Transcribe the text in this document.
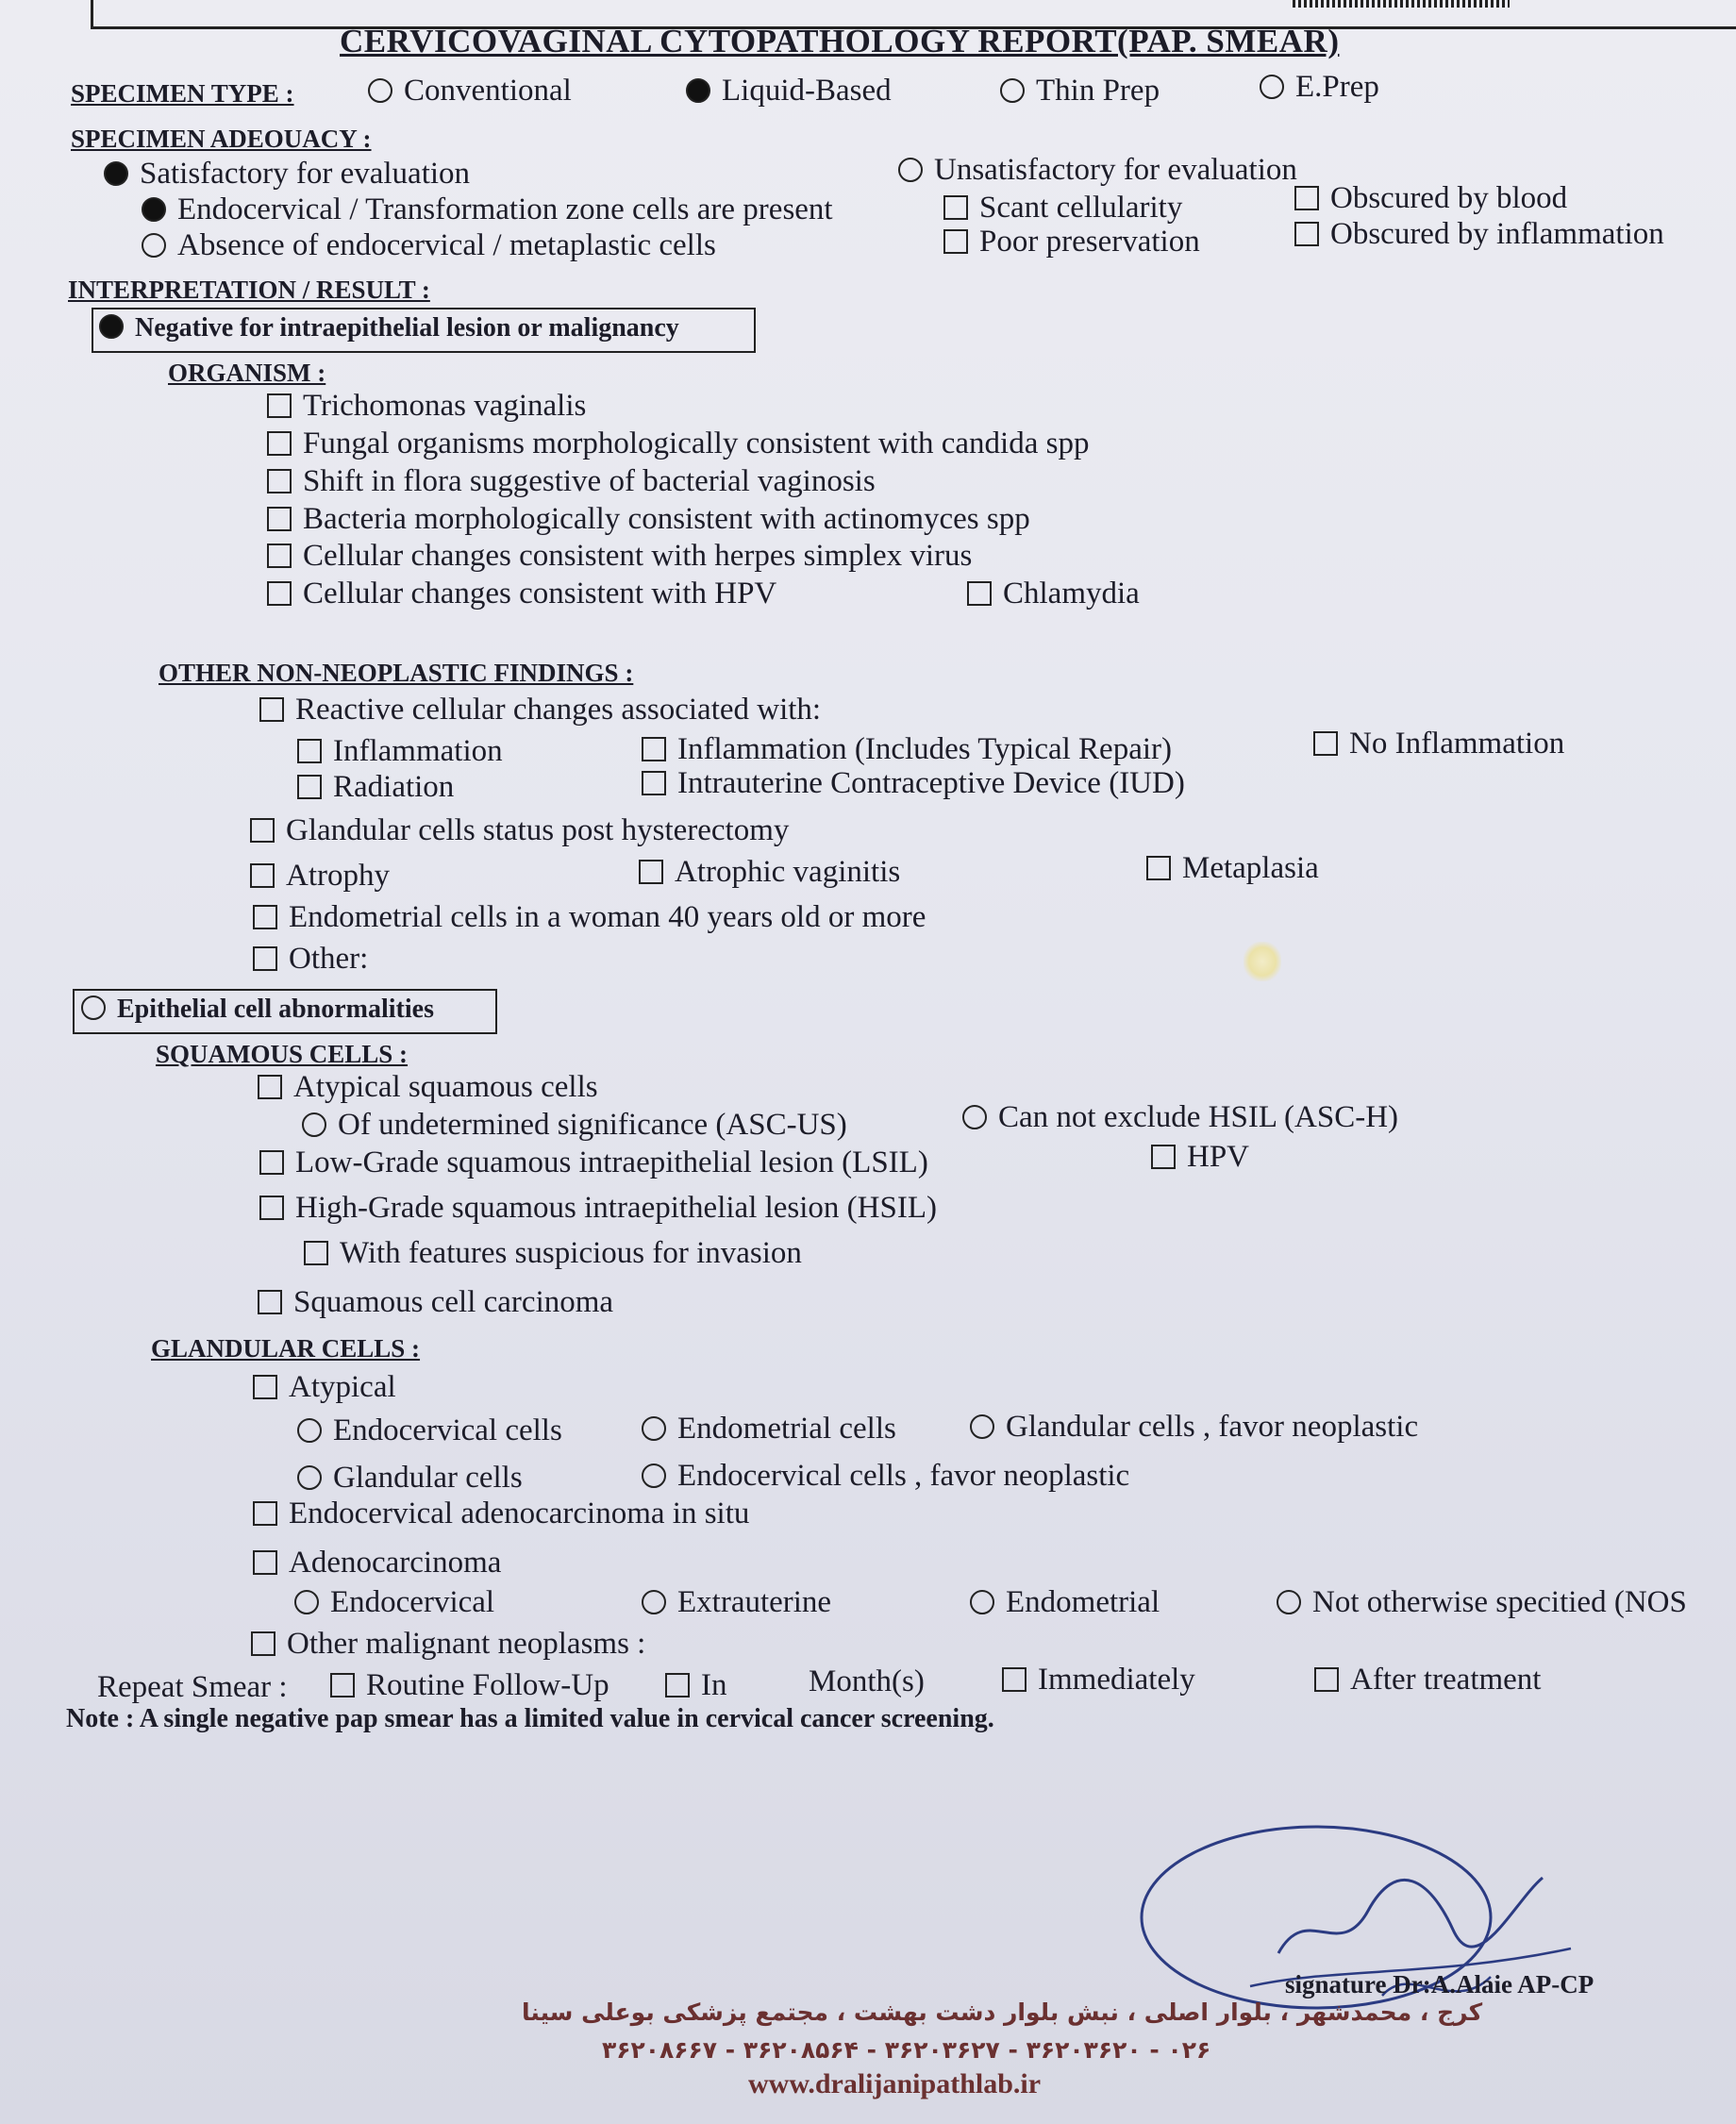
CERVICOVAGINAL CYTOPATHOLOGY REPORT(PAP. SMEAR)
SPECIMEN TYPE :	Conventional	Liquid-Based	Thin Prep	E.Prep
SPECIMEN ADEOUACY :
Satisfactory for evaluation
Endocervical / Transformation zone cells are present
Absence of endocervical / metaplastic cells
Unsatisfactory for evaluation
Scant cellularity
Poor preservation
Obscured by blood
Obscured by inflammation
INTERPRETATION / RESULT :
Negative for intraepithelial lesion or malignancy
ORGANISM :
Trichomonas vaginalis
Fungal organisms morphologically consistent with candida spp
Shift in flora suggestive of bacterial vaginosis
Bacteria morphologically consistent with actinomyces spp
Cellular changes consistent with herpes simplex virus
Cellular changes consistent with HPV	Chlamydia
OTHER NON-NEOPLASTIC FINDINGS :
Reactive cellular changes associated with:
Inflammation
Radiation
Inflammation (Includes Typical Repair)
Intrauterine Contraceptive Device (IUD)
No Inflammation
Glandular cells status post hysterectomy
Atrophy	Atrophic vaginitis	Metaplasia
Endometrial cells in a woman 40 years old or more
Other:
Epithelial cell abnormalities
SQUAMOUS CELLS :
Atypical squamous cells
Of undetermined significance (ASC-US)	Can not exclude HSIL (ASC-H)
Low-Grade squamous intraepithelial lesion (LSIL)	HPV
High-Grade squamous intraepithelial lesion (HSIL)
With features suspicious for invasion
Squamous cell carcinoma
GLANDULAR CELLS :
Atypical
Endocervical cells	Endometrial cells	Glandular cells , favor neoplastic
Glandular cells	Endocervical cells , favor neoplastic
Endocervical adenocarcinoma in situ
Adenocarcinoma
Endocervical	Extrauterine	Endometrial	Not otherwise specitied (NOS
Other malignant neoplasms :
Repeat Smear :	Routine Follow-Up	In	Month(s)	Immediately	After treatment
Note : A single negative pap smear has a limited value in cervical cancer screening.
signature Dr:A.Alaie AP-CP
کرج ، محمدشهر ، بلوار اصلی ، نبش بلوار دشت بهشت ، مجتمع پزشکی بوعلی سینا
۰۲۶ - ۳۶۲۰۳۶۲۰ - ۳۶۲۰۳۶۲۷ - ۳۶۲۰۸۵۶۴ - ۳۶۲۰۸۶۶۷
www.dralijanipathlab.ir
